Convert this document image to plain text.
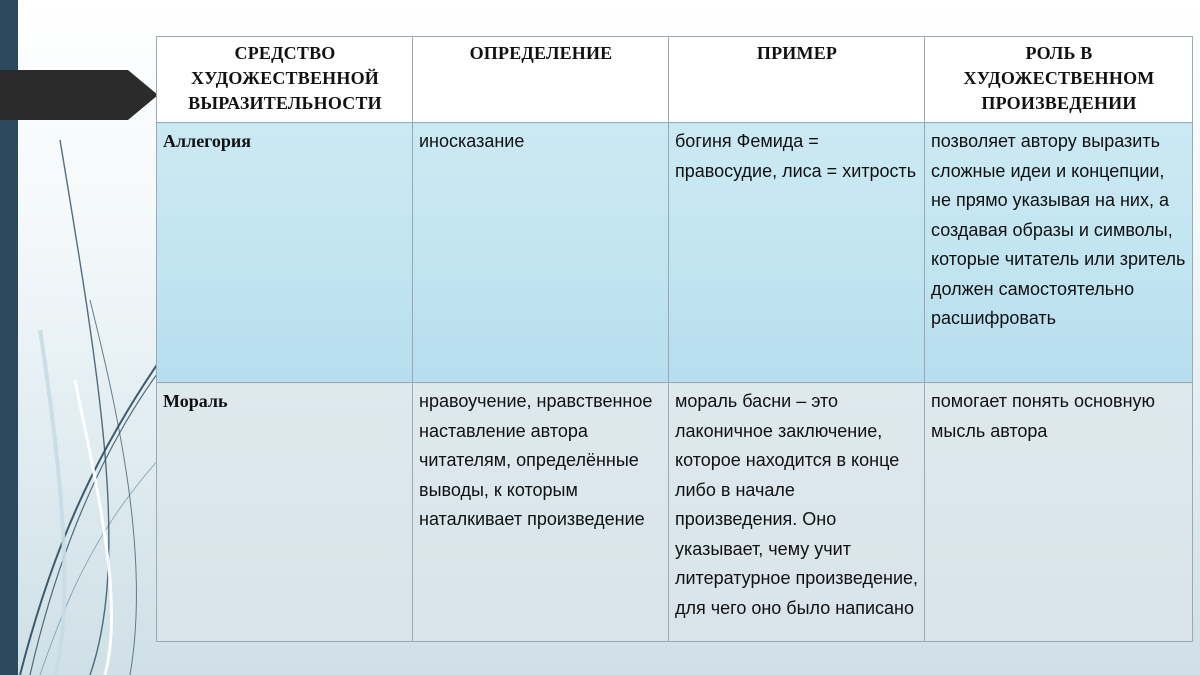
СРЕДСТВО ХУДОЖЕСТВЕННОЙ ВЫРАЗИТЕЛЬНОСТИ	ОПРЕДЕЛЕНИЕ	ПРИМЕР	РОЛЬ В ХУДОЖЕСТВЕННОМ ПРОИЗВЕДЕНИИ
Аллегория	иносказание	богиня Фемида = правосудие, лиса = хитрость	позволяет автору выразить сложные идеи и концепции, не прямо указывая на них, а создавая образы и символы, которые читатель или зритель должен самостоятельно расшифровать
Мораль	нравоучение, нравственное наставление автора читателям, определённые выводы, к которым наталкивает произведение	мораль басни – это лаконичное заключение, которое находится в конце либо в начале произведения. Оно указывает, чему учит литературное произведение, для чего оно было написано	помогает понять основную мысль автора
